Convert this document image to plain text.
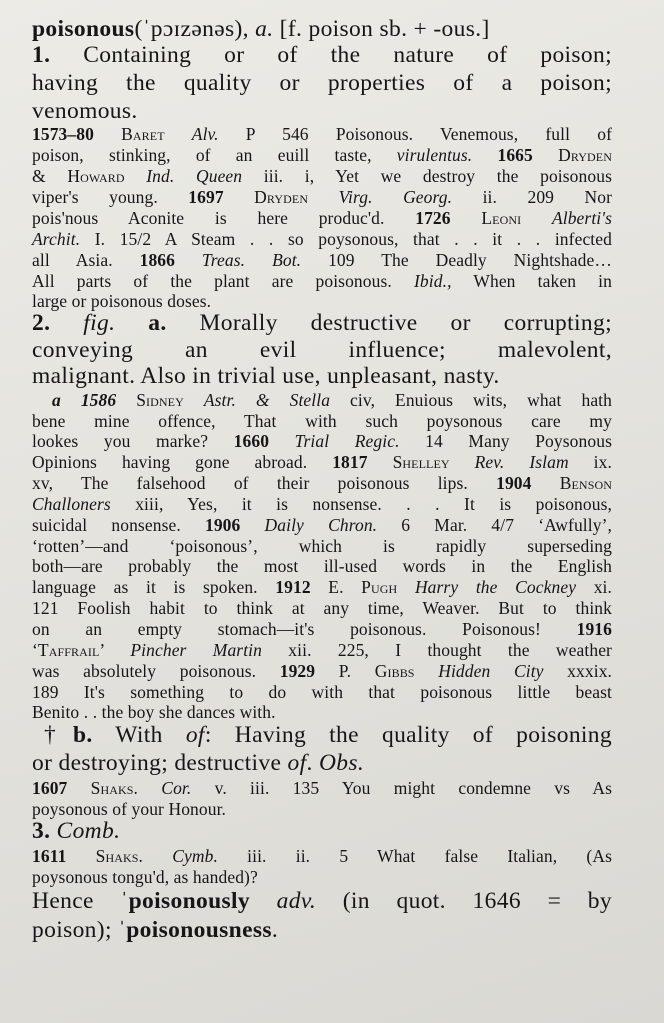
poisonous(ˈpɔɪzənəs), a. [f. poison sb. + -ous.]
1. Containing or of the nature of poison;
having the quality or properties of a poison;
venomous.
1573–80 Baret Alv. P 546 Poisonous. Venemous, full of
poison, stinking, of an euill taste, virulentus. 1665 Dryden
& Howard Ind. Queen iii. i, Yet we destroy the poisonous
viper's young. 1697 Dryden Virg. Georg. ii. 209 Nor
pois'nous Aconite is here produc'd. 1726 Leoni Alberti's
Archit. I. 15/2 A Steam . . so poysonous, that . . it . . infected
all Asia. 1866 Treas. Bot. 109 The Deadly Nightshade…
All parts of the plant are poisonous. Ibid., When taken in
large or poisonous doses.
2. fig. a. Morally destructive or corrupting;
conveying an evil influence; malevolent,
malignant. Also in trivial use, unpleasant, nasty.
a 1586 Sidney Astr. & Stella civ, Enuious wits, what hath
bene mine offence, That with such poysonous care my
lookes you marke? 1660 Trial Regic. 14 Many Poysonous
Opinions having gone abroad. 1817 Shelley Rev. Islam ix.
xv, The falsehood of their poisonous lips. 1904 Benson
Challoners xiii, Yes, it is nonsense. . . It is poisonous,
suicidal nonsense. 1906 Daily Chron. 6 Mar. 4/7 ‘Awfully’,
‘rotten’—and ‘poisonous’, which is rapidly superseding
both—are probably the most ill-used words in the English
language as it is spoken. 1912 E. Pugh Harry the Cockney xi.
121 Foolish habit to think at any time, Weaver. But to think
on an empty stomach—it's poisonous. Poisonous! 1916
‘Taffrail’ Pincher Martin xii. 225, I thought the weather
was absolutely poisonous. 1929 P. Gibbs Hidden City xxxix.
189 It's something to do with that poisonous little beast
Benito . . the boy she dances with.
†b. With of: Having the quality of poisoning
or destroying; destructive of. Obs.
1607 Shaks. Cor. v. iii. 135 You might condemne vs As
poysonous of your Honour.
3. Comb.
1611 Shaks. Cymb. iii. ii. 5 What false Italian, (As
poysonous tongu'd, as handed)?
Hence ˈpoisonously adv. (in quot. 1646 = by
poison); ˈpoisonousness.
